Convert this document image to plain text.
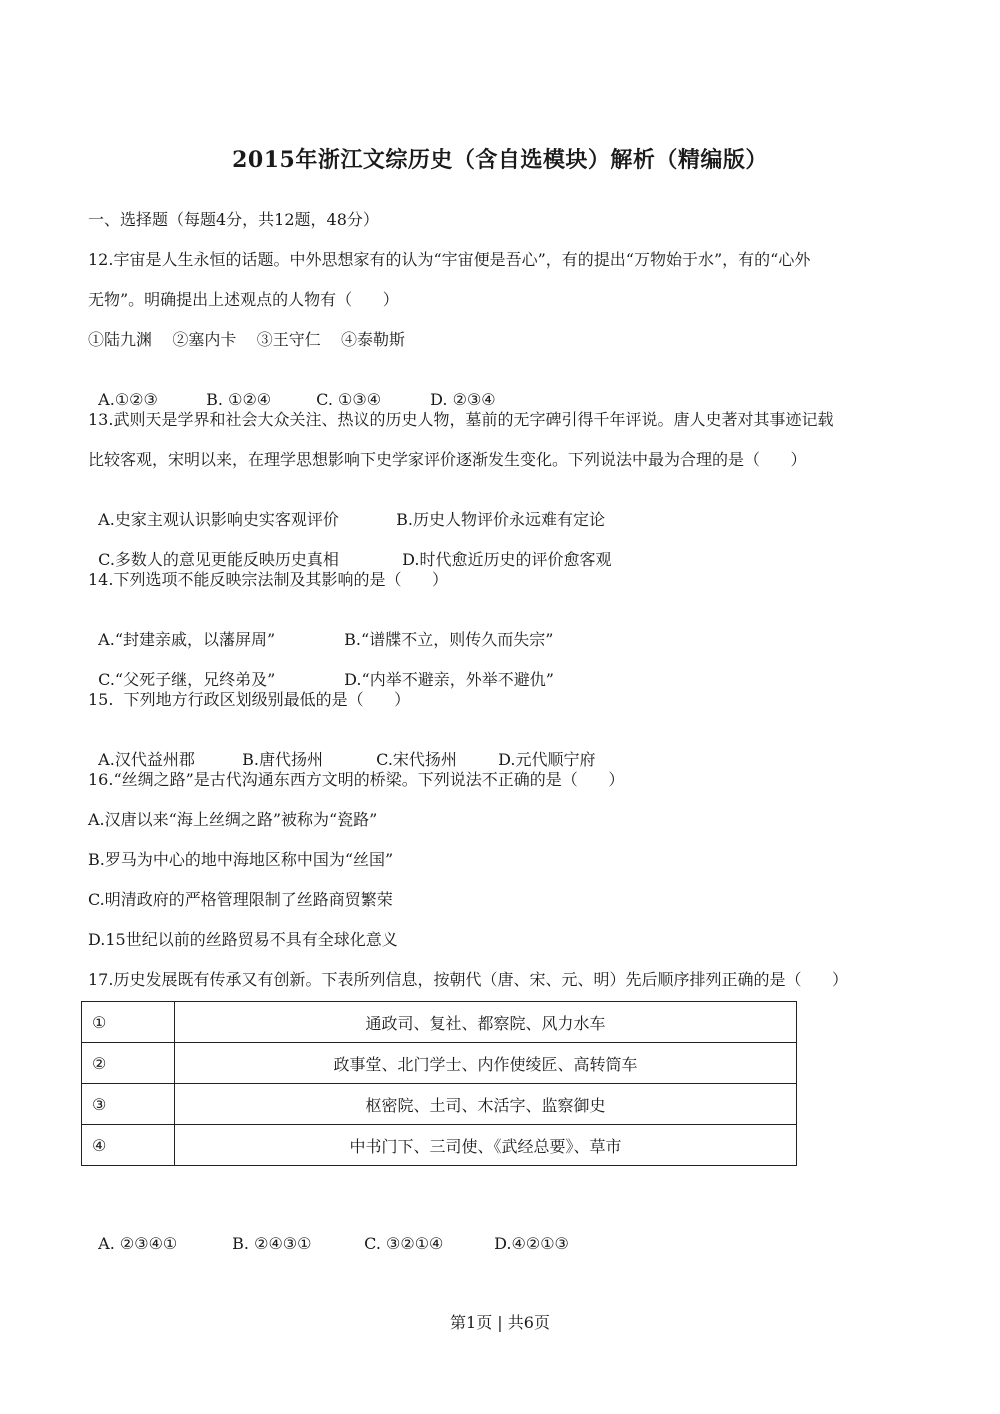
2015年浙江文综历史（含自选模块）解析（精编版）
一、选择题（每题4分，共12题，48分）
12.宇宙是人生永恒的话题。中外思想家有的认为“宇宙便是吾心”，有的提出“万物始于水”，有的“心外
无物”。明确提出上述观点的人物有（      ）
①陆九渊    ②塞内卡    ③王守仁    ④泰勒斯

A.①②③	B. ①②④	C. ①③④	D. ②③④

13.武则天是学界和社会大众关注、热议的历史人物，墓前的无字碑引得千年评说。唐人史著对其事迹记载
比较客观，宋明以来，在理学思想影响下史学家评价逐渐发生变化。下列说法中最为合理的是（      ）

A.史家主观认识影响史实客观评价	B.历史人物评价永远难有定论

C.多数人的意见更能反映历史真相	D.时代愈近历史的评价愈客观

14.下列选项不能反映宗法制及其影响的是（      ）

A.“封建亲戚，以藩屏周”	B.“谱牒不立，则传久而失宗”

C.“父死子继，兄终弟及”	D.“内举不避亲，外举不避仇”

15.  下列地方行政区划级别最低的是（      ）

A.汉代益州郡	B.唐代扬州	C.宋代扬州	D.元代顺宁府

16.“丝绸之路”是古代沟通东西方文明的桥梁。下列说法不正确的是（      ）
A.汉唐以来“海上丝绸之路”被称为“瓷路”
B.罗马为中心的地中海地区称中国为“丝国”
C.明清政府的严格管理限制了丝路商贸繁荣
D.15世纪以前的丝路贸易不具有全球化意义
17.历史发展既有传承又有创新。下表所列信息，按朝代（唐、宋、元、明）先后顺序排列正确的是（      ）
①	通政司、复社、都察院、风力水车
②	政事堂、北门学士、内作使绫匠、高转筒车
③	枢密院、土司、木活字、监察御史
④	中书门下、三司使、《武经总要》、草市

A. ②③④①	B. ②④③①	C. ③②①④	D.④②①③

第1页 | 共6页
